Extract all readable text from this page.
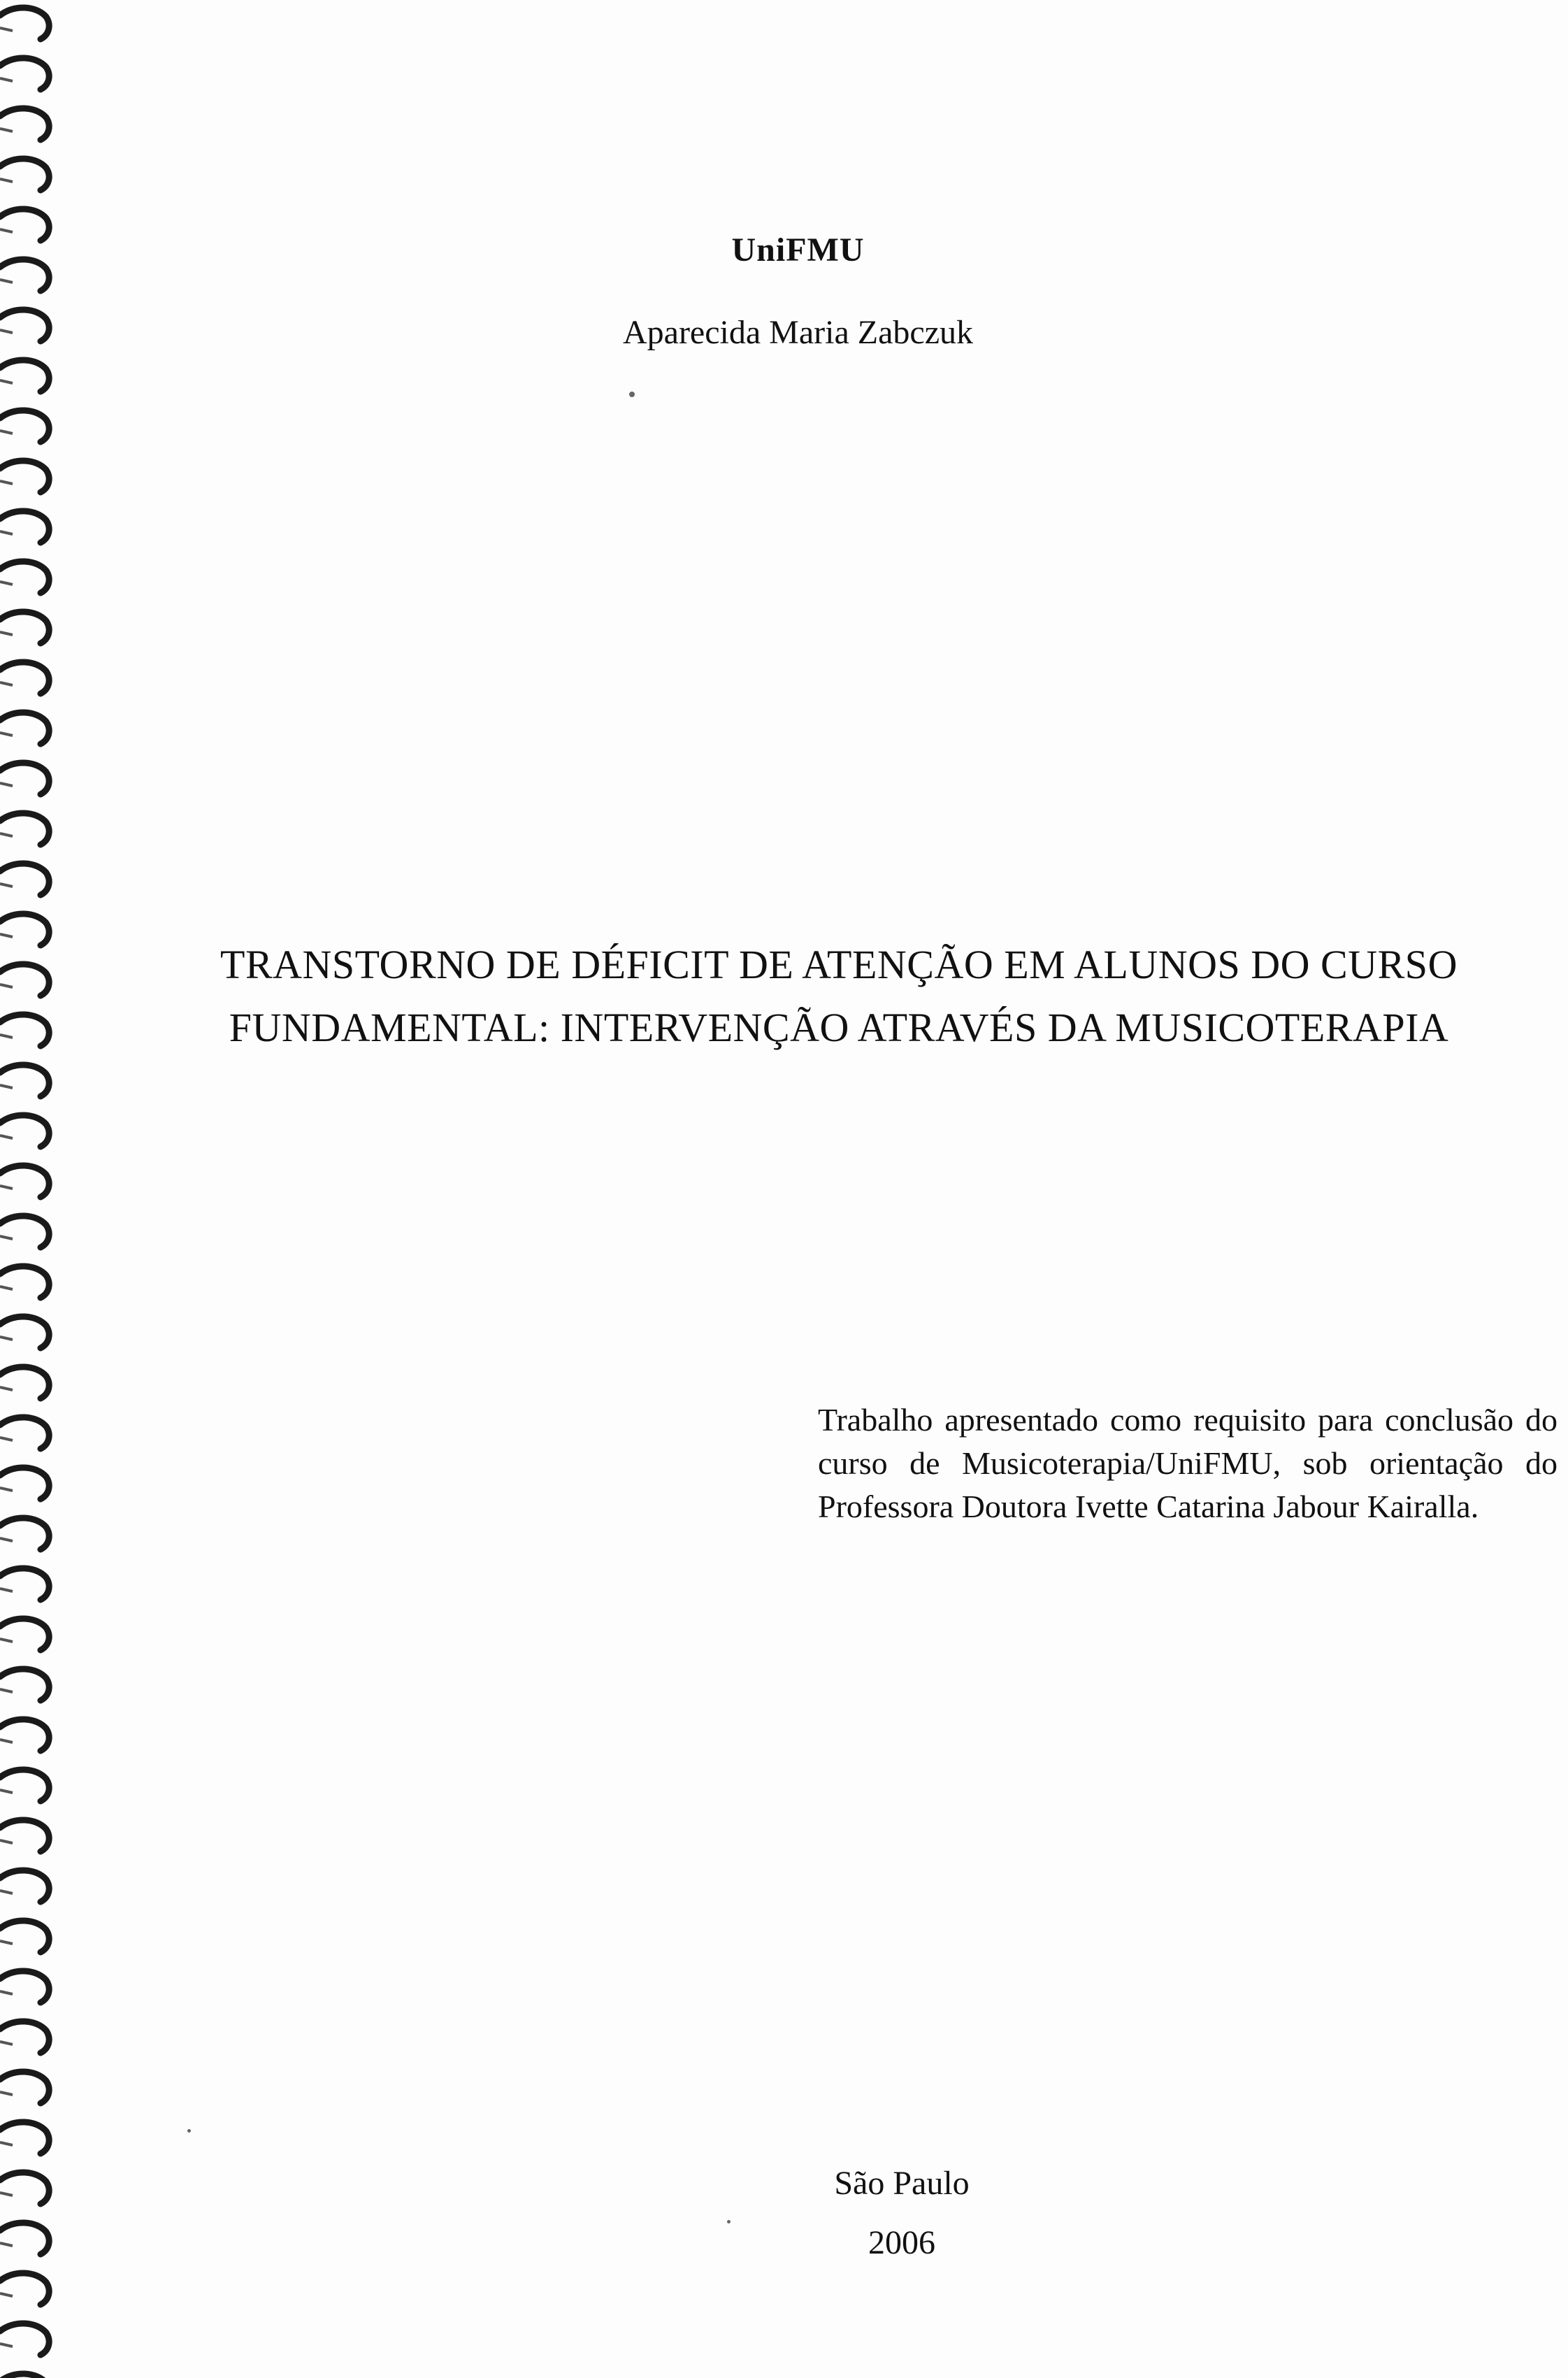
UniFMU
Aparecida Maria Zabczuk
TRANSTORNO DE DÉFICIT DE ATENÇÃO EM ALUNOS DO CURSO
FUNDAMENTAL: INTERVENÇÃO ATRAVÉS DA MUSICOTERAPIA
Trabalho apresentado como requisito para conclusão do curso de Musicoterapia/UniFMU, sob orientação do Professora Doutora Ivette Catarina Jabour Kairalla.
São Paulo
2006
